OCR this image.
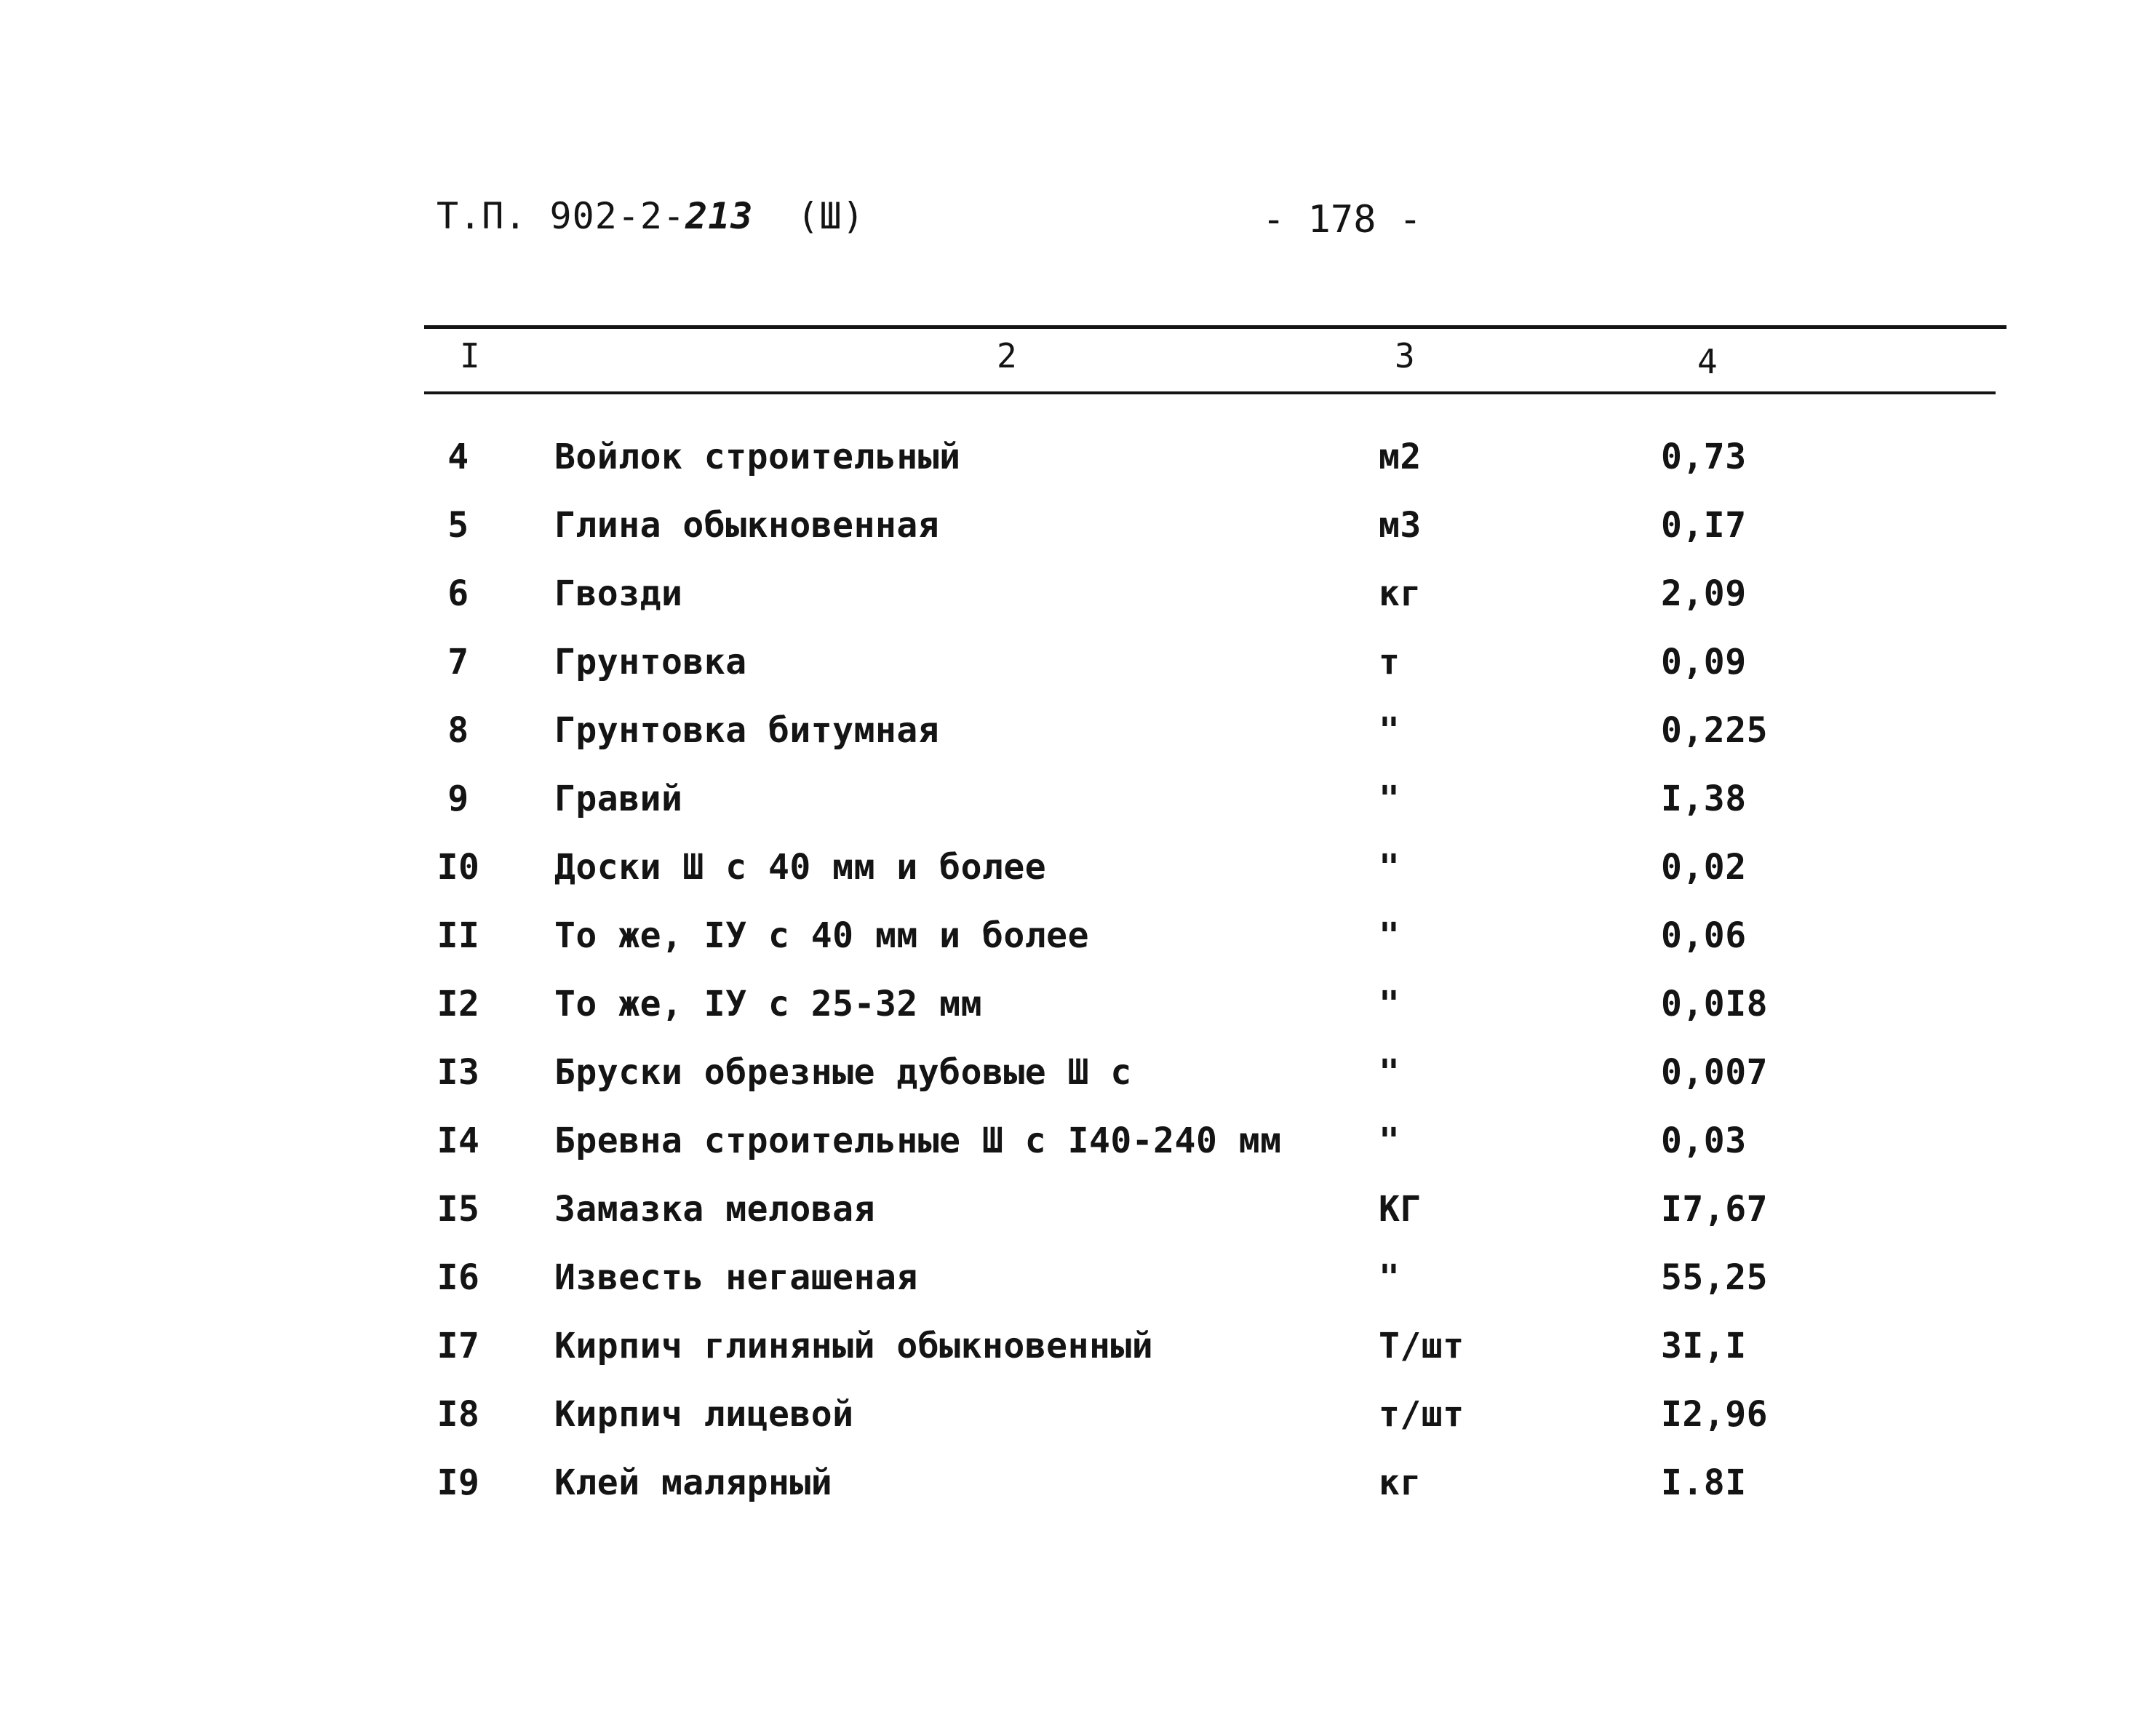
Т.П. 902-2-213 (Ш)	- 178 -
I	2	3	4
4	Войлок строительный	м2	0,73
5	Глина обыкновенная	м3	0,I7
6	Гвозди	кг	2,09
7	Грунтовка	т	0,09
8	Грунтовка битумная	"	0,225
9	Гравий	"	I,38
I0 Доски Ш с 40 мм и более	"	0,02
II То же, IУ с 40 мм и более	"	0,06
I2 То же, IУ с 25-32 мм	"	0,0I8
I3 Бруски обрезные дубовые Ш с	"	0,007
I4 Бревна строительные Ш с I40-240 мм	"	0,03
I5 Замазка меловая	КГ	I7,67
I6 Известь негашеная	"	55,25
I7 Кирпич глиняный обыкновенный	Т/шт	3I,I
I8 Кирпич лицевой	т/шт	I2,96
I9 Клей малярный	кг	I.8I
